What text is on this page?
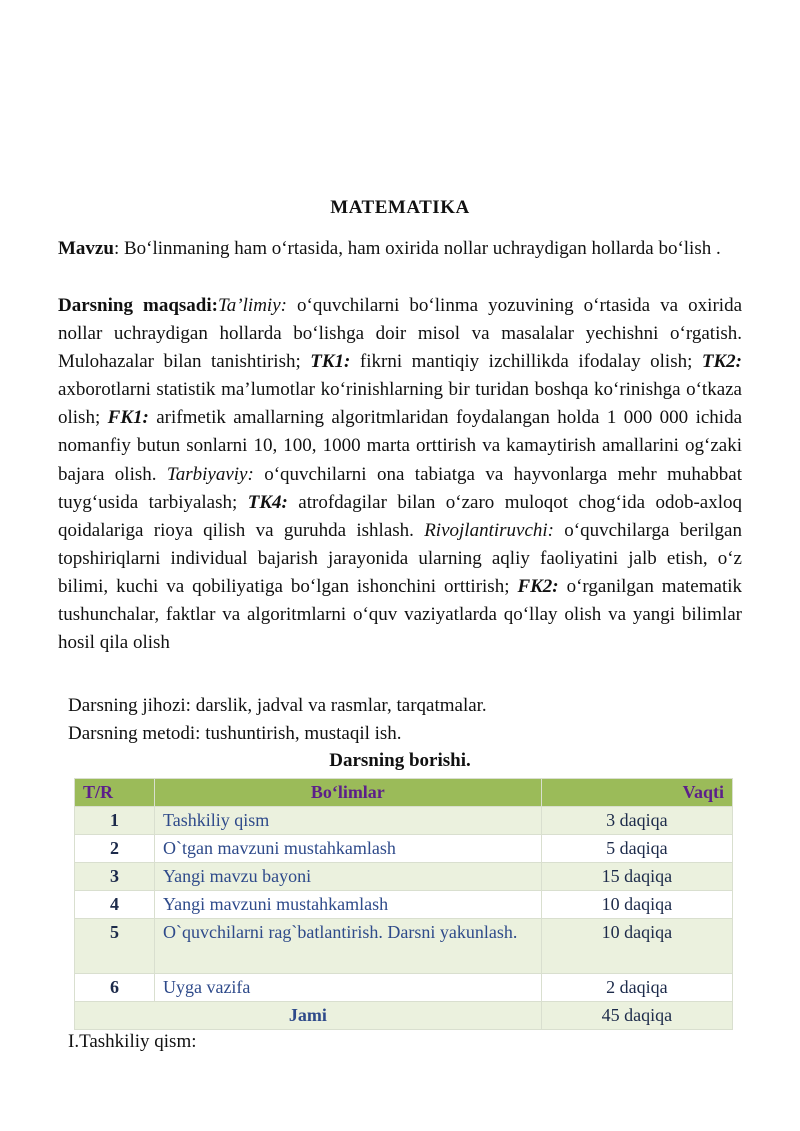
MATEMATIKA
Mavzu: Bo‘linmaning ham o‘rtasida, ham oxirida nollar uchraydigan hollarda bo‘lish .
Darsning maqsadi:Ta’limiy: o‘quvchilarni bo‘linma yozuvining o‘rtasida va oxirida nollar uchraydigan hollarda bo‘lishga doir misol va masalalar yechishni o‘rgatish. Mulohazalar bilan tanishtirish; TK1: fikrni mantiqiy izchillikda ifodalay olish; TK2: axborotlarni statistik ma’lumotlar ko‘rinishlarning bir turidan boshqa ko‘rinishga o‘tkaza olish; FK1: arifmetik amallarning algoritmlaridan foydalangan holda 1 000 000 ichida nomanfiy butun sonlarni 10, 100, 1000 marta orttirish va kamaytirish amallarini og‘zaki bajara olish. Tarbiyaviy: o‘quvchilarni ona tabiatga va hayvonlarga mehr muhabbat tuyg‘usida tarbiyalash; TK4: atrofdagilar bilan o‘zaro muloqot chog‘ida odob-axloq qoidalariga rioya qilish va guruhda ishlash. Rivojlantiruvchi: o‘quvchilarga berilgan topshiriqlarni individual bajarish jarayonida ularning aqliy faoliyatini jalb etish, o‘z bilimi, kuchi va qobiliyatiga bo‘lgan ishonchini orttirish; FK2: o‘rganilgan matematik tushunchalar, faktlar va algoritmlarni o‘quv vaziyatlarda qo‘llay olish va yangi bilimlar hosil qila olish
Darsning jihozi: darslik, jadval va rasmlar, tarqatmalar.
Darsning metodi: tushuntirish, mustaqil ish.
Darsning borishi.
T/R	Bo‘limlar	Vaqti
1	Tashkiliy qism	3 daqiqa
2	O`tgan mavzuni mustahkamlash	5 daqiqa
3	Yangi mavzu bayoni	15 daqiqa
4	Yangi mavzuni mustahkamlash	10 daqiqa
5	O`quvchilarni rag`batlantirish. Darsni yakunlash.	10 daqiqa
6	Uyga vazifa	2 daqiqa
Jami		45 daqiqa
I.Tashkiliy qism:
